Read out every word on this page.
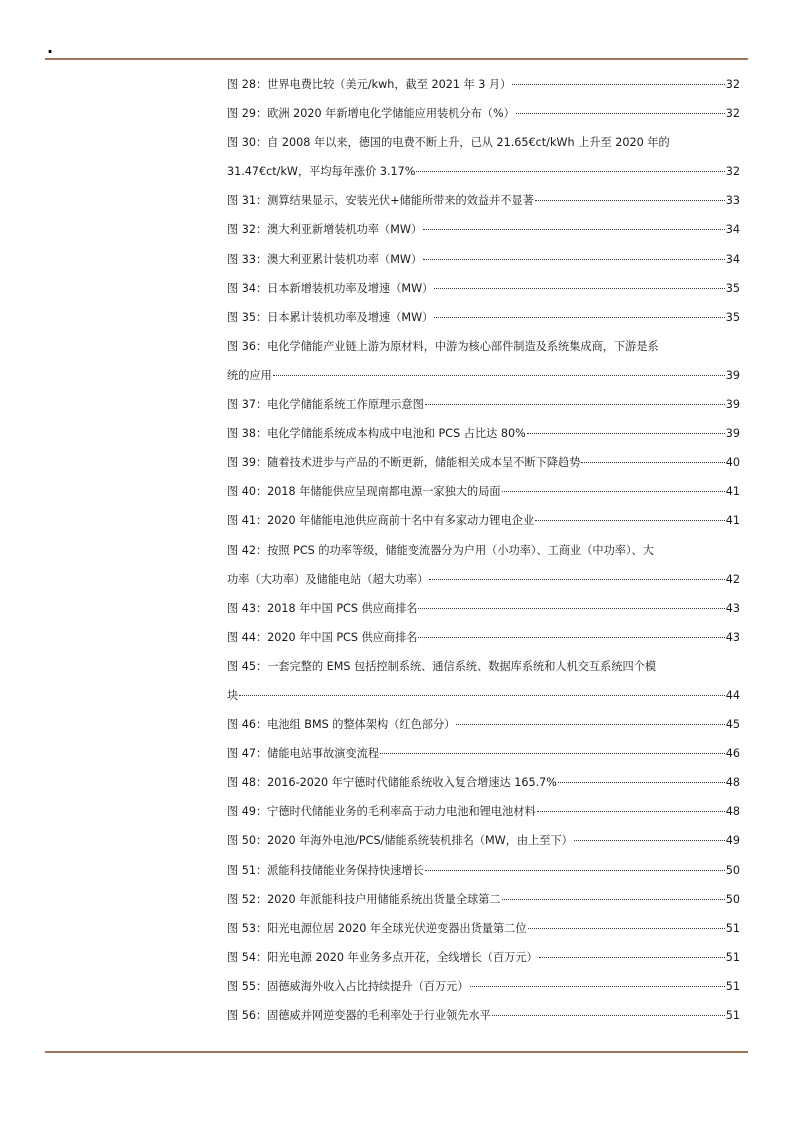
.
图 28：世界电费比较（美元/kwh，截至 2021 年 3 月）	32
图 29：欧洲 2020 年新增电化学储能应用装机分布（%）	32
图 30：自 2008 年以来，德国的电费不断上升，已从 21.65€ct/kWh 上升至 2020 年的
31.47€ct/kW，平均每年涨价 3.17%	32
图 31：测算结果显示，安装光伏+储能所带来的效益并不显著	33
图 32：澳大利亚新增装机功率（MW）	34
图 33：澳大利亚累计装机功率（MW）	34
图 34：日本新增装机功率及增速（MW）	35
图 35：日本累计装机功率及增速（MW）	35
图 36：电化学储能产业链上游为原材料，中游为核心部件制造及系统集成商，下游是系
统的应用	39
图 37：电化学储能系统工作原理示意图	39
图 38：电化学储能系统成本构成中电池和 PCS 占比达 80%	39
图 39：随着技术进步与产品的不断更新，储能相关成本呈不断下降趋势	40
图 40：2018 年储能供应呈现南都电源一家独大的局面	41
图 41：2020 年储能电池供应商前十名中有多家动力锂电企业	41
图 42：按照 PCS 的功率等级，储能变流器分为户用（小功率）、工商业（中功率）、大
功率（大功率）及储能电站（超大功率）	42
图 43：2018 年中国 PCS 供应商排名	43
图 44：2020 年中国 PCS 供应商排名	43
图 45：一套完整的 EMS 包括控制系统、通信系统、数据库系统和人机交互系统四个模
块	44
图 46：电池组 BMS 的整体架构（红色部分）	45
图 47：储能电站事故演变流程	46
图 48：2016-2020 年宁德时代储能系统收入复合增速达 165.7%	48
图 49：宁德时代储能业务的毛利率高于动力电池和锂电池材料	48
图 50：2020 年海外电池/PCS/储能系统装机排名（MW，由上至下）	49
图 51：派能科技储能业务保持快速增长	50
图 52：2020 年派能科技户用储能系统出货量全球第二	50
图 53：阳光电源位居 2020 年全球光伏逆变器出货量第二位	51
图 54：阳光电源 2020 年业务多点开花，全线增长（百万元）	51
图 55：固德威海外收入占比持续提升（百万元）	51
图 56：固德威并网逆变器的毛利率处于行业领先水平	51
